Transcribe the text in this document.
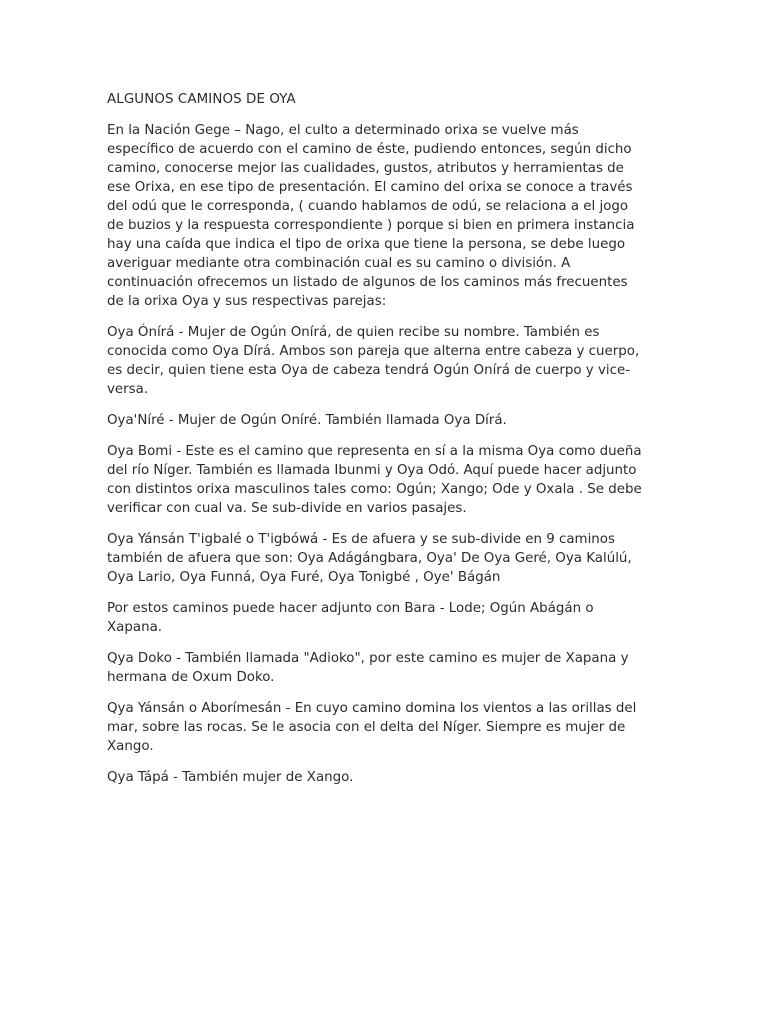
ALGUNOS CAMINOS DE OYA

En la Nación Gege – Nago, el culto a determinado orixa se vuelve más
específico de acuerdo con el camino de éste, pudiendo entonces, según dicho
camino, conocerse mejor las cualidades, gustos, atributos y herramientas de
ese Orixa, en ese tipo de presentación. El camino del orixa se conoce a través
del odú que le corresponda, ( cuando hablamos de odú, se relaciona a el jogo
de buzios y la respuesta correspondiente ) porque si bien en primera instancia
hay una caída que indica el tipo de orixa que tiene la persona, se debe luego
averiguar mediante otra combinación cual es su camino o división. A
continuación ofrecemos un listado de algunos de los caminos más frecuentes
de la orixa Oya y sus respectivas parejas:

Oya Ónírá - Mujer de Ogún Onírá, de quien recibe su nombre. También es
conocida como Oya Dírá. Ambos son pareja que alterna entre cabeza y cuerpo,
es decir, quien tiene esta Oya de cabeza tendrá Ogún Onírá de cuerpo y vice-
versa.

Oya'Níré - Mujer de Ogún Oníré. También llamada Oya Dírá.

Oya Bomi - Este es el camino que representa en sí a la misma Oya como dueña
del río Níger. También es llamada Ibunmi y Oya Odó. Aquí puede hacer adjunto
con distintos orixa masculinos tales como: Ogún; Xango; Ode y Oxala . Se debe
verificar con cual va. Se sub-divide en varios pasajes.

Oya Yánsán T'igbalé o T'igbówá - Es de afuera y se sub-divide en 9 caminos
también de afuera que son: Oya Adágángbara, Oya' De Oya Geré, Oya Kalúlú,
Oya Lario, Oya Funná, Oya Furé, Oya Tonigbé , Oye' Bágán

Por estos caminos puede hacer adjunto con Bara - Lode; Ogún Abágán o
Xapana.

Qya Doko - También llamada "Adioko", por este camino es mujer de Xapana y
hermana de Oxum Doko.

Qya Yánsán o Aborímesán - En cuyo camino domina los vientos a las orillas del
mar, sobre las rocas. Se le asocia con el delta del Níger. Siempre es mujer de
Xango.

Qya Tápá - También mujer de Xango.
